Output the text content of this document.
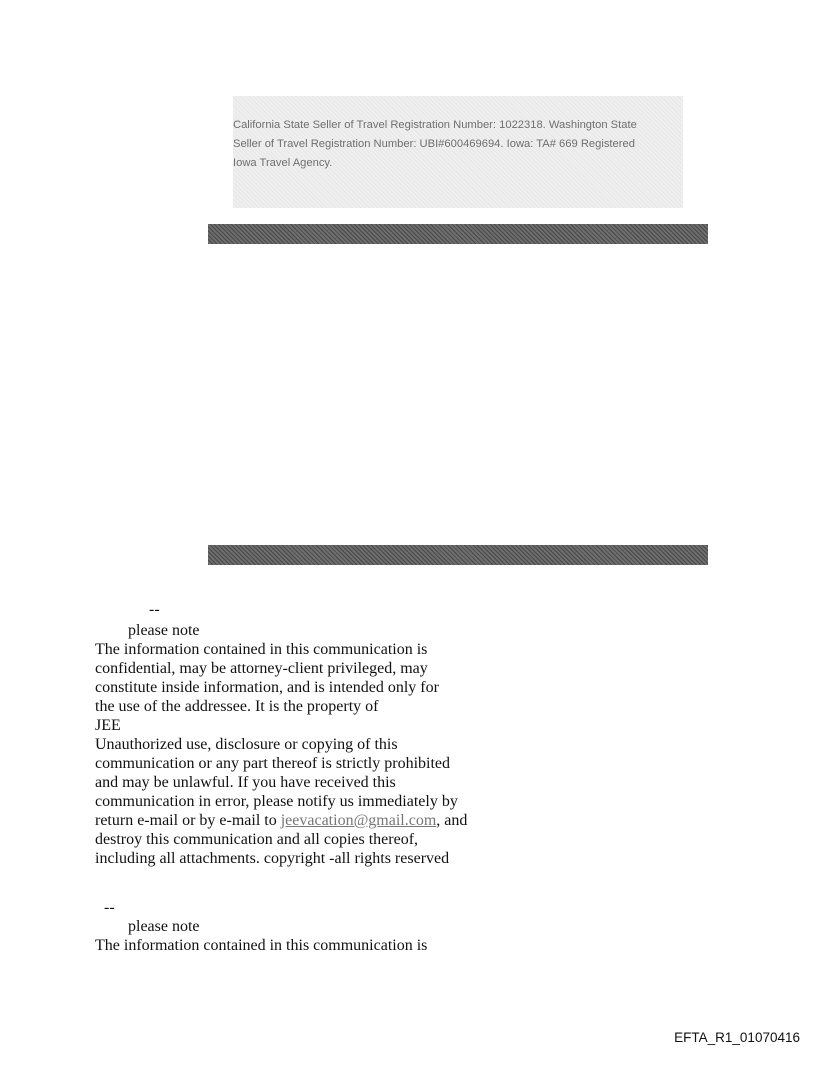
California State Seller of Travel Registration Number: 1022318. Washington State

Seller of Travel Registration Number: UBI#600469694. Iowa: TA# 669 Registered

Iowa Travel Agency.

--

please note

The information contained in this communication is
confidential, may be attorney-client privileged, may
constitute inside information, and is intended only for
the use of the addressee. It is the property of
JEE
Unauthorized use, disclosure or copying of this
communication or any part thereof is strictly prohibited
and may be unlawful. If you have received this
communication in error, please notify us immediately by
return e-mail or by e-mail to jeevacation@gmail.com, and
destroy this communication and all copies thereof,
including all attachments. copyright -all rights reserved

--

please note

The information contained in this communication is

EFTA_R1_01070416
